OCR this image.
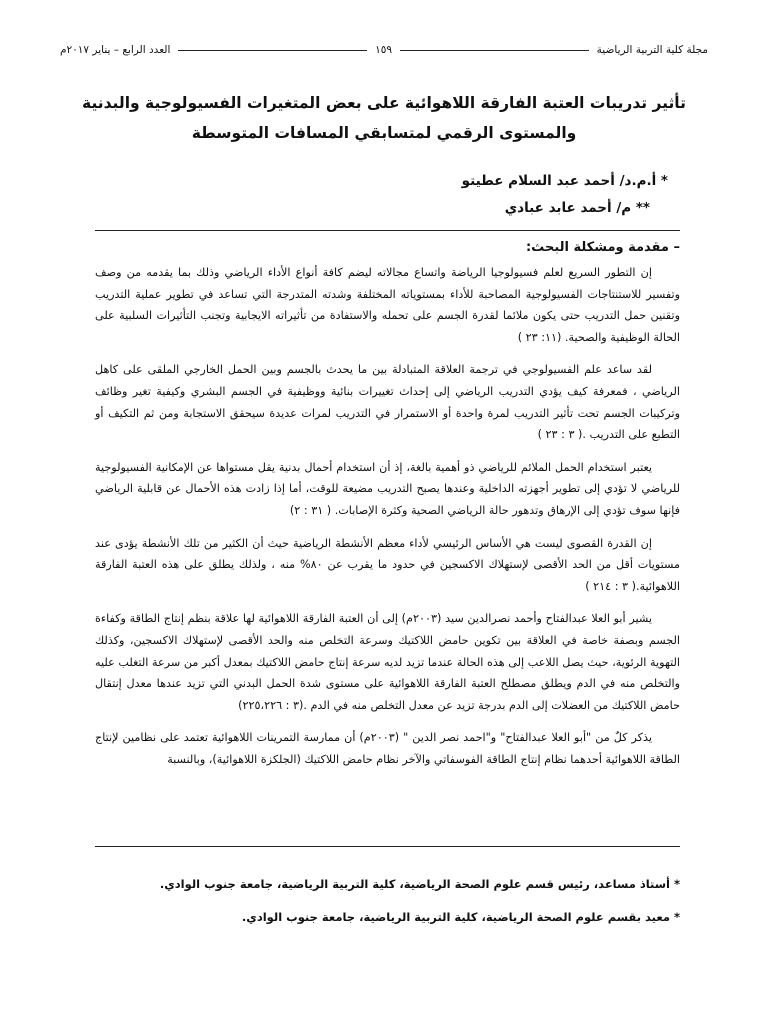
مجلة كلية التربية الرياضية
١٥٩
العدد الرابع – يناير ٢٠١٧م
تأثير تدريبات العتبة الفارقة اللاهوائية على بعض المتغيرات الفسيولوجية والبدنية
والمستوى الرقمي لمتسابقي المسافات المتوسطة
* أ.م.د/ أحمد عبد السلام عطيتو
** م/ أحمد عابد عبادي
– مقدمة ومشكلة البحث:

إن التطور السريع لعلم فسيولوجيا الرياضة واتساع مجالاته ليضم كافة أنواع الأداء الرياضي وذلك بما يقدمه من وصف وتفسير للاستنتاجات الفسيولوجية المصاحبة للأداء بمستوياته المختلفة وشدته المتدرجة التي تساعد في تطوير عملية التدريب وتقنين حمل التدريب حتى يكون ملائما لقدرة الجسم على تحمله والاستفادة من تأثيراته الايجابية وتجنب التأثيرات السلبية على الحالة الوظيفية والصحية. (١١: ٢٣ )

لقد ساعد علم الفسيولوجي في ترجمة العلاقة المتبادلة بين ما يحدث بالجسم وبين الحمل الخارجي الملقى على كاهل الرياضي ، فمعرفة كيف يؤدي التدريب الرياضي إلى إحداث تغييرات بنائية ووظيفية في الجسم البشري وكيفية تغير وظائف وتركيبات الجسم تحت تأثير التدريب لمرة واحدة أو الاستمرار في التدريب لمرات عديدة سيحقق الاستجابة ومن ثم التكيف أو التطبع على التدريب .( ٣ : ٢٣ )

يعتبر استخدام الحمل الملائم للرياضي ذو أهمية بالغة، إذ أن استخدام أحمال بدنية يقل مستواها عن الإمكانية الفسيولوجية للرياضي لا تؤدي إلى تطوير أجهزته الداخلية وعندها يصبح التدريب مضيعة للوقت، أما إذا زادت هذه الأحمال عن قابلية الرياضي فإنها سوف تؤدي إلى الإرهاق وتدهور حالة الرياضي الصحية وكثرة الإصابات. ( ٣١ : ٢)

إن القدرة القصوى ليست هي الأساس الرئيسي لأداء معظم الأنشطة الرياضية حيث أن الكثير من تلك الأنشطة يؤدى عند مستويات أقل من الحد الأقصى لإستهلاك الاكسجين في حدود ما يقرب عن ٨٠% منه ، ولذلك يطلق على هذه العتبة الفارقة اللاهوائية.( ٣ : ٢١٤ )

يشير أبو العلا عبدالفتاح وأحمد نصرالدين سيد (٢٠٠٣م) إلى أن العتبة الفارقة اللاهوائية لها علاقة بنظم إنتاج الطاقة وكفاءة الجسم وبصفة خاصة في العلاقة بين تكوين حامض اللاكتيك وسرعة التخلص منه والحد الأقصى لإستهلاك الاكسجين، وكذلك التهوية الرئوية، حيث يصل اللاعب إلى هذه الحالة عندما تزيد لديه سرعة إنتاج حامض اللاكتيك بمعدل أكبر من سرعة التغلب عليه والتخلص منه في الدم ويطلق مصطلح العتبة الفارقة اللاهوائية على مستوى شدة الحمل البدني التي تزيد عندها معدل إنتقال حامض اللاكتيك من العضلات إلى الدم بدرجة تزيد عن معدل التخلص منه في الدم .(٣ : ٢٢٥،٢٢٦)

يذكر كلٌ من "أبو العلا عبدالفتاح" و"احمد نصر الدين " (٢٠٠٣م) أن ممارسة التمرينات اللاهوائية تعتمد على نظامين لإنتاج الطاقة اللاهوائية أحدهما نظام إنتاج الطاقة الفوسفاتي والآخر نظام حامض اللاكتيك (الجلكزة اللاهوائية)، وبالنسبة

* أستاذ مساعد، رئيس قسم علوم الصحة الرياضية، كلية التربية الرياضية، جامعة جنوب الوادي.
* معيد بقسم علوم الصحة الرياضية، كلية التربية الرياضية، جامعة جنوب الوادي.
